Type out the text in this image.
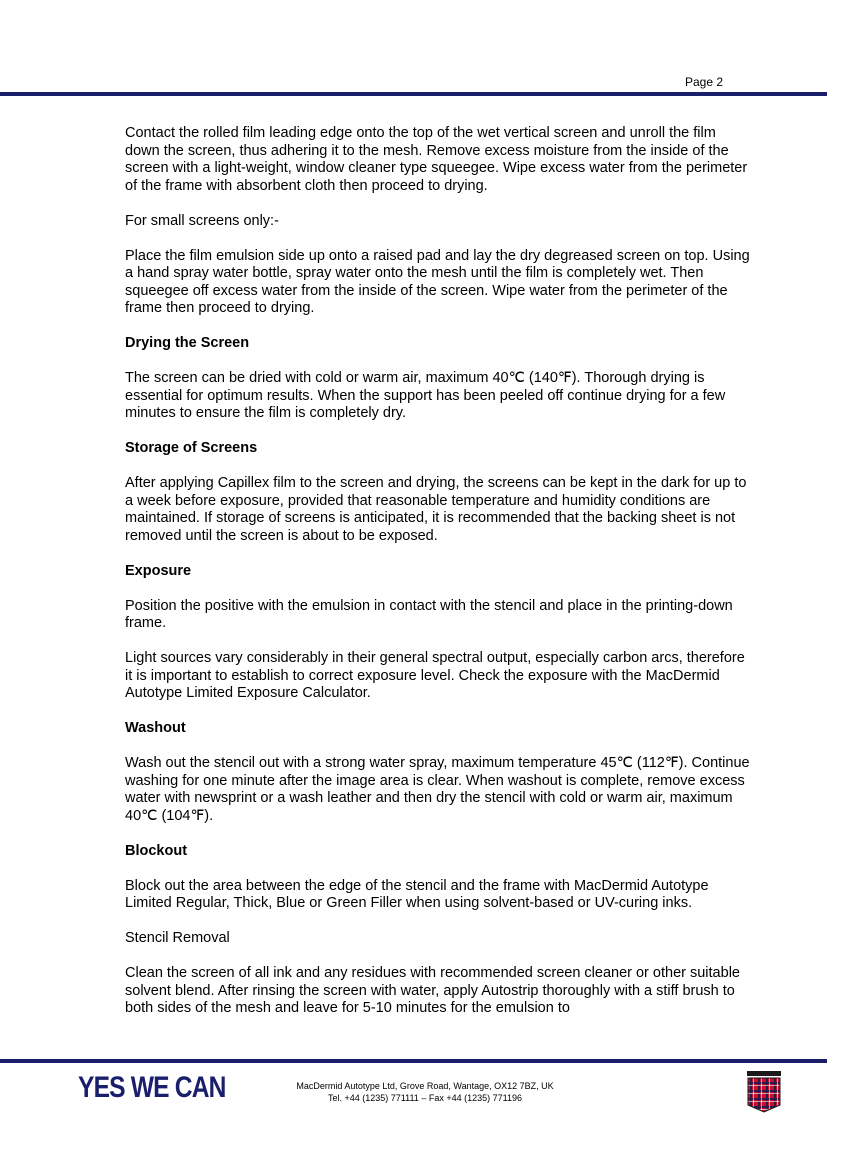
Page 2

Contact the rolled film leading edge onto the top of the wet vertical screen and unroll the film down the screen, thus adhering it to the mesh. Remove excess moisture from the inside of the screen with a light-weight, window cleaner type squeegee. Wipe excess water from the perimeter of the frame with absorbent cloth then proceed to drying.

For small screens only:-

Place the film emulsion side up onto a raised pad and lay the dry degreased screen on top. Using a hand spray water bottle, spray water onto the mesh until the film is completely wet. Then squeegee off excess water from the inside of the screen. Wipe water from the perimeter of the frame then proceed to drying.

Drying the Screen

The screen can be dried with cold or warm air, maximum 40℃ (140℉). Thorough drying is essential for optimum results. When the support has been peeled off continue drying for a few minutes to ensure the film is completely dry.

Storage of Screens

After applying Capillex film to the screen and drying, the screens can be kept in the dark for up to a week before exposure, provided that reasonable temperature and humidity conditions are maintained. If storage of screens is anticipated, it is recommended that the backing sheet is not removed until the screen is about to be exposed.

Exposure

Position the positive with the emulsion in contact with the stencil and place in the printing-down frame.

Light sources vary considerably in their general spectral output, especially carbon arcs, therefore it is important to establish to correct exposure level. Check the exposure with the MacDermid Autotype Limited Exposure Calculator.

Washout

Wash out the stencil out with a strong water spray, maximum temperature 45℃ (112℉). Continue washing for one minute after the image area is clear. When washout is complete, remove excess water with newsprint or a wash leather and then dry the stencil with cold or warm air, maximum 40℃ (104℉).

Blockout

Block out the area between the edge of the stencil and the frame with MacDermid Autotype Limited Regular, Thick, Blue or Green Filler when using solvent-based or UV-curing inks.

Stencil Removal

Clean the screen of all ink and any residues with recommended screen cleaner or other suitable solvent blend. After rinsing the screen with water, apply Autostrip thoroughly with a stiff brush to both sides of the mesh and leave for 5-10 minutes for the emulsion to

YES WE CAN	MacDermid Autotype Ltd, Grove Road, Wantage, OX12 7BZ, UK
Tel. +44 (1235) 771111 – Fax +44 (1235) 771196
